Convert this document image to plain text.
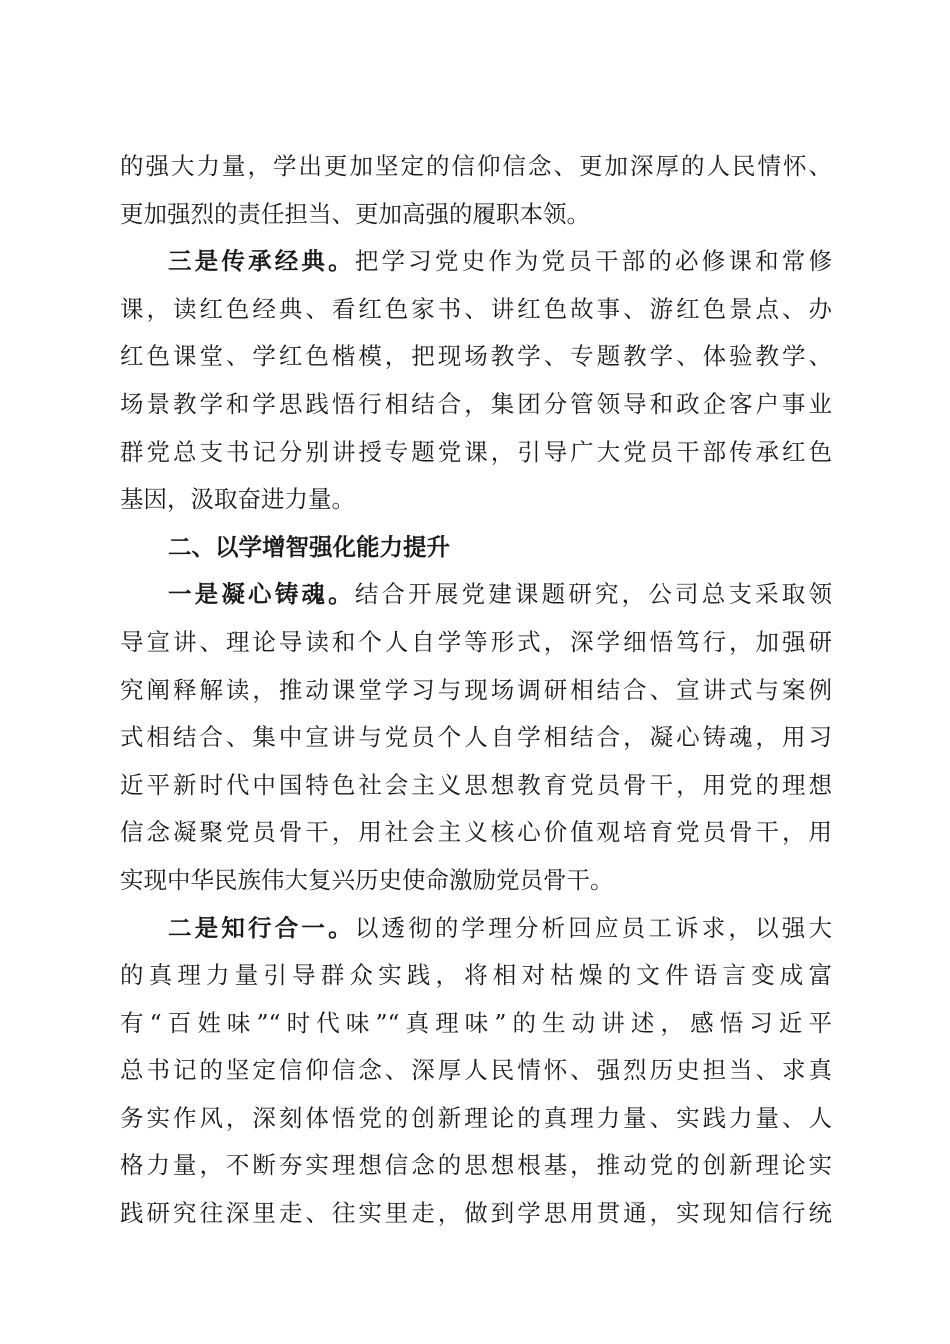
的强大力量，学出更加坚定的信仰信念、更加深厚的人民情怀、
更加强烈的责任担当、更加高强的履职本领。
三是传承经典。把学习党史作为党员干部的必修课和常修
课，读红色经典、看红色家书、讲红色故事、游红色景点、办
红色课堂、学红色楷模，把现场教学、专题教学、体验教学、
场景教学和学思践悟行相结合，集团分管领导和政企客户事业
群党总支书记分别讲授专题党课，引导广大党员干部传承红色
基因，汲取奋进力量。
二、以学增智强化能力提升
一是凝心铸魂。结合开展党建课题研究，公司总支采取领
导宣讲、理论导读和个人自学等形式，深学细悟笃行，加强研
究阐释解读，推动课堂学习与现场调研相结合、宣讲式与案例
式相结合、集中宣讲与党员个人自学相结合，凝心铸魂，用习
近平新时代中国特色社会主义思想教育党员骨干，用党的理想
信念凝聚党员骨干，用社会主义核心价值观培育党员骨干，用
实现中华民族伟大复兴历史使命激励党员骨干。
二是知行合一。以透彻的学理分析回应员工诉求，以强大
的真理力量引导群众实践，将相对枯燥的文件语言变成富
有“百姓味”“时代味”“真理味”的生动讲述，感悟习近平
总书记的坚定信仰信念、深厚人民情怀、强烈历史担当、求真
务实作风，深刻体悟党的创新理论的真理力量、实践力量、人
格力量，不断夯实理想信念的思想根基，推动党的创新理论实
践研究往深里走、往实里走，做到学思用贯通，实现知信行统
